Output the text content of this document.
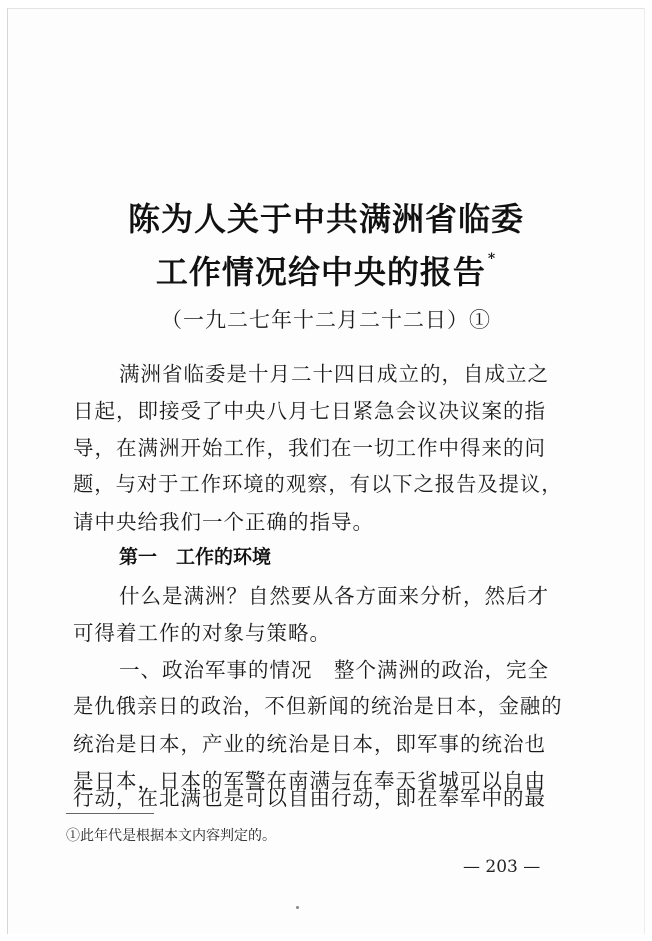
陈为人关于中共满洲省临委
工作情况给中央的报告 *
（一九二七年十二月二十二日）①
满洲省临委是十月二十四日成立的，自成立之
日起，即接受了中央八月七日紧急会议决议案的指
导，在满洲开始工作，我们在一切工作中得来的问
题，与对于工作环境的观察，有以下之报告及提议，
请中央给我们一个正确的指导。
第一　工作的环境
什么是满洲？自然要从各方面来分析，然后才
可得着工作的对象与策略。
一、政治军事的情况　整个满洲的政治，完全
是仇俄亲日的政治，不但新闻的统治是日本，金融的
统治是日本，产业的统治是日本，即军事的统治也
是日本，日本的军警在南满与在奉天省城可以自由
行动，在北满也是可以自由行动，即在奉军中的最
①此年代是根据本文内容判定的。
— 203 —
